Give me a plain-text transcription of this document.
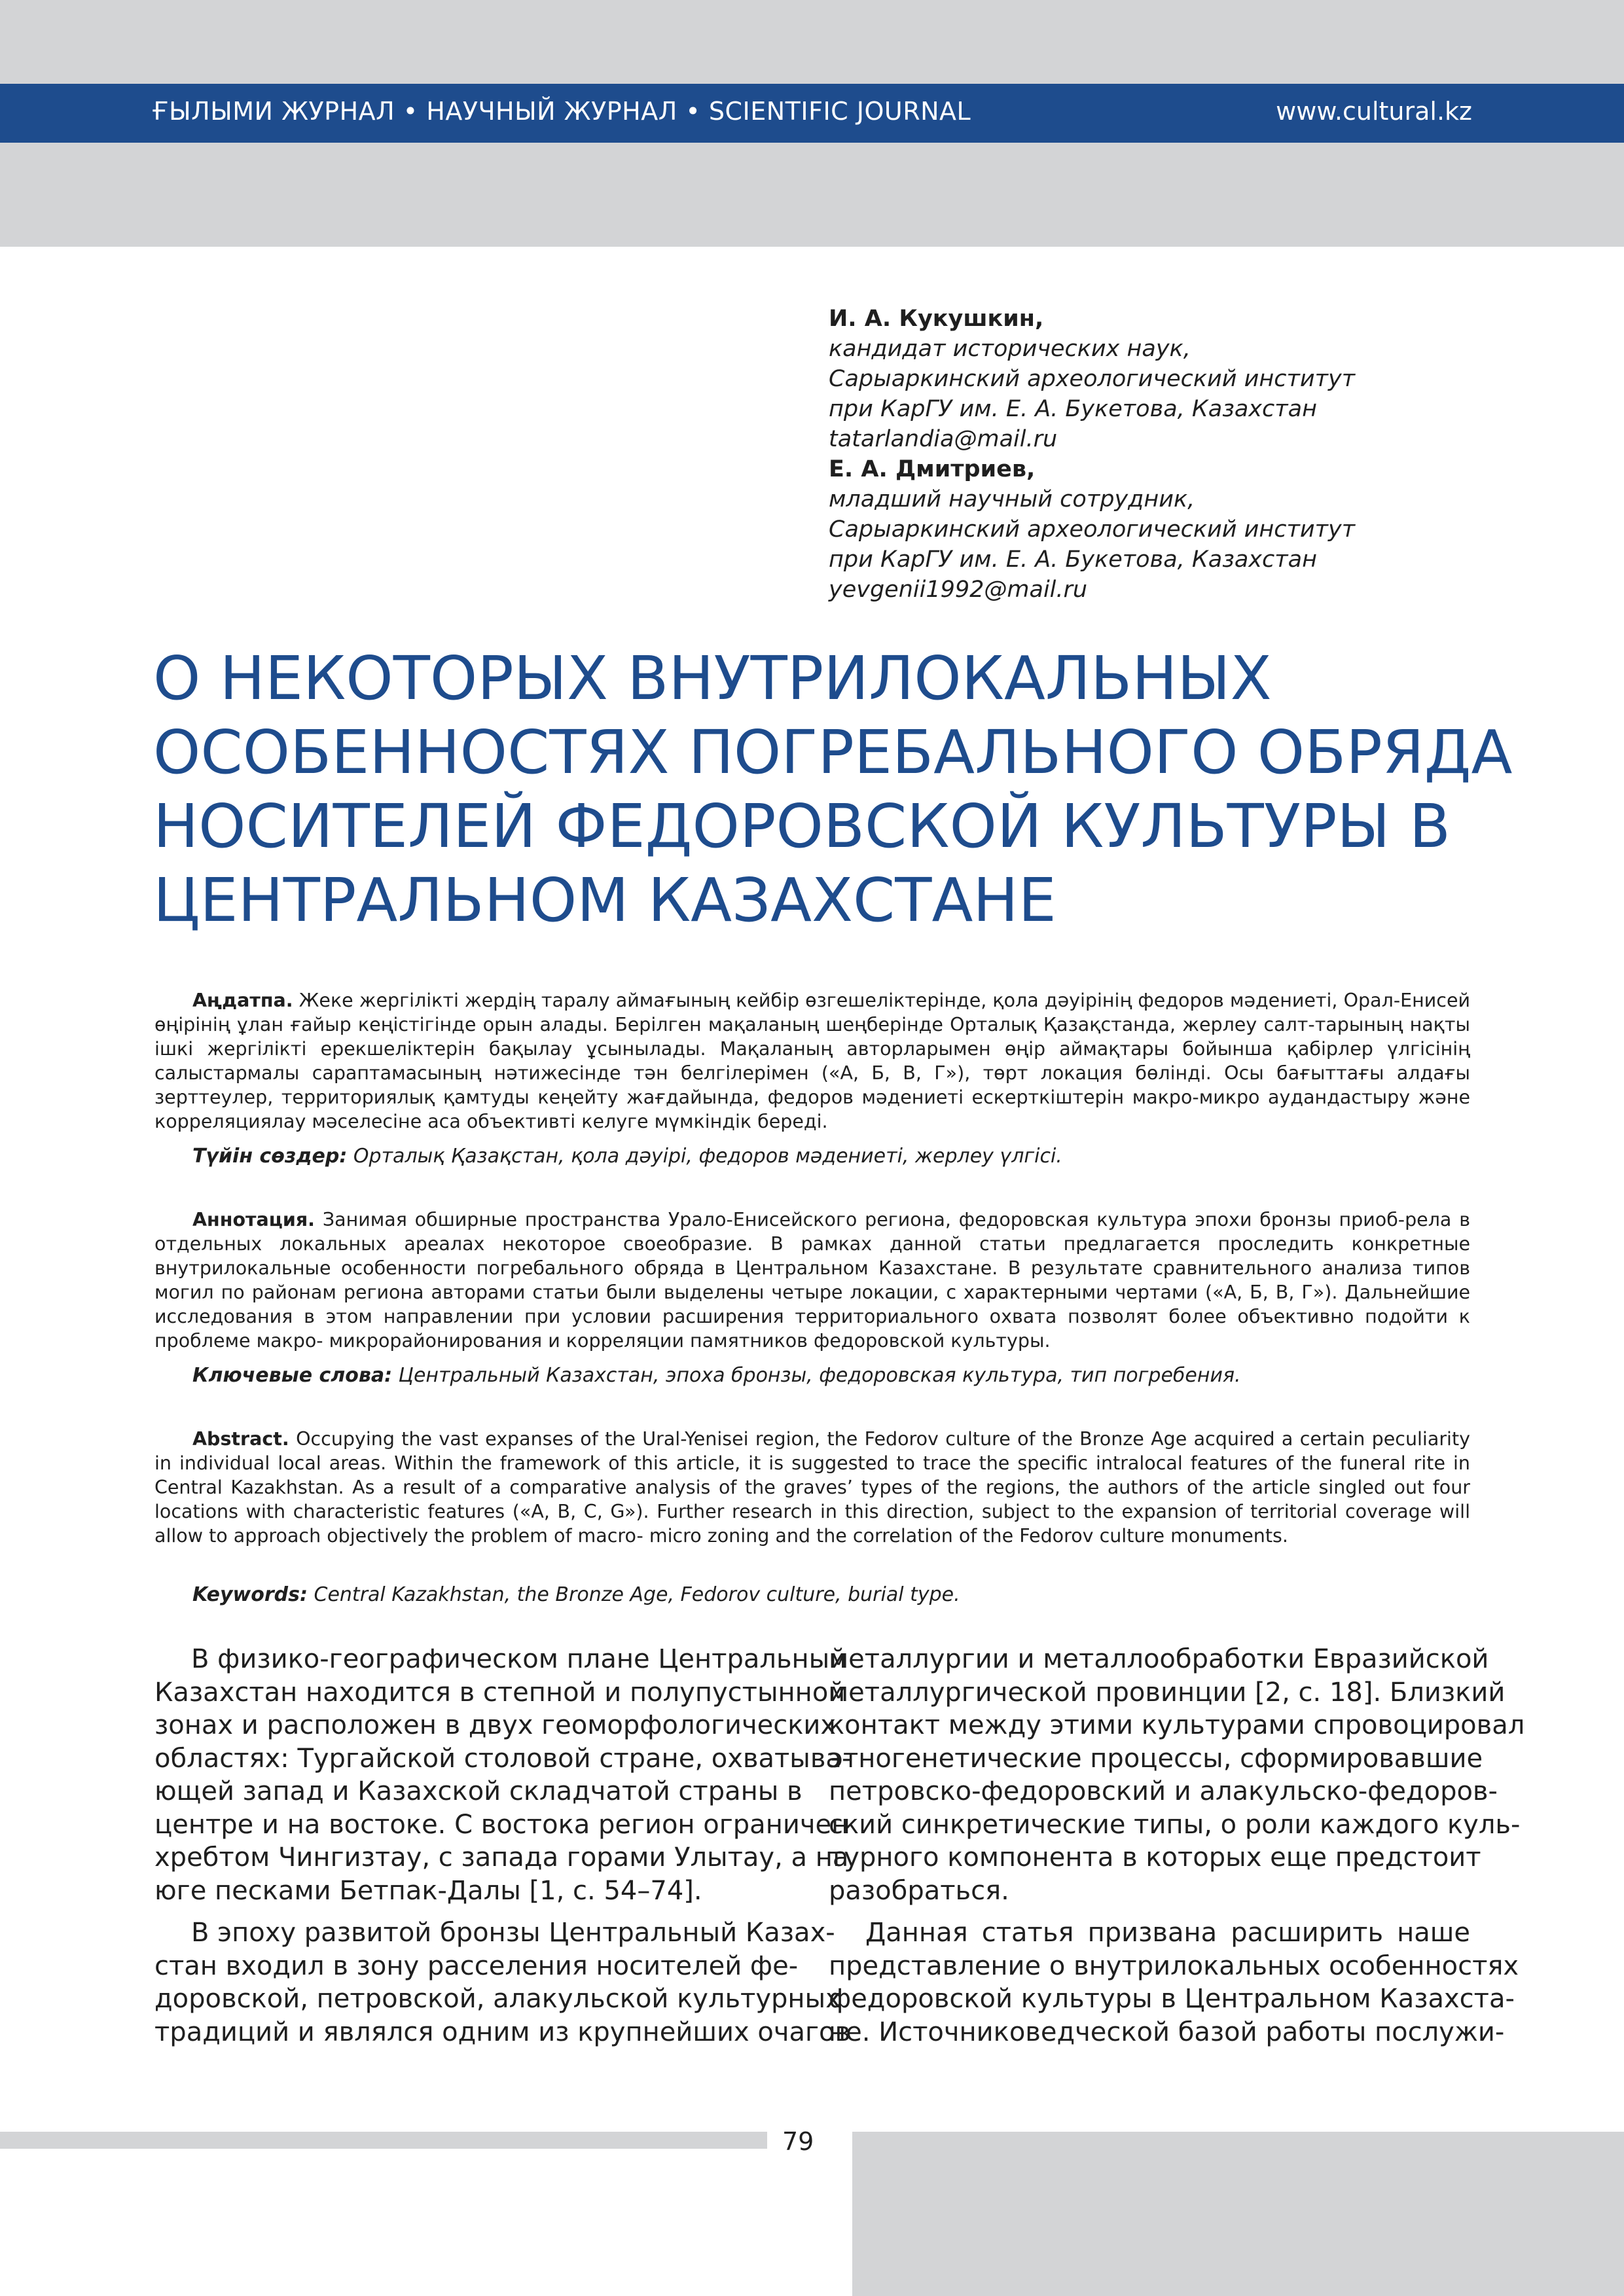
ҒЫЛЫМИ ЖУРНАЛ • НАУЧНЫЙ ЖУРНАЛ • SCIENTIFIC JOURNAL	www.cultural.kz
И. А. Кукушкин,
кандидат исторических наук,
Сарыаркинский археологический институт
при КарГУ им. Е. А. Букетова, Казахстан
tatarlandia@mail.ru
Е. А. Дмитриев,
младший научный сотрудник,
Сарыаркинский археологический институт
при КарГУ им. Е. А. Букетова, Казахстан
yevgenii1992@mail.ru
О НЕКОТОРЫХ ВНУТРИЛОКАЛЬНЫХ
ОСОБЕННОСТЯХ ПОГРЕБАЛЬНОГО ОБРЯДА
НОСИТЕЛЕЙ ФЕДОРОВСКОЙ КУЛЬТУРЫ В
ЦЕНТРАЛЬНОМ КАЗАХСТАНЕ
Аңдатпа. Жеке жергілікті жердің таралу аймағының кейбір өзгешеліктерінде, қола дәуірінің федоров мәдениеті, Орал-Енисей өңірінің ұлан ғайыр кеңістігінде орын алады. Берілген мақаланың шеңберінде Орталық Қазақстанда, жерлеу салт-тарының нақты ішкі жергілікті ерекшеліктерін бақылау ұсынылады. Мақаланың авторларымен өңір аймақтары бойынша қабірлер үлгісінің салыстармалы сараптамасының нәтижесінде тән белгілерімен («А, Б, В, Г»), төрт локация бөлінді. Осы бағыттағы алдағы зерттеулер, территориялық қамтуды кеңейту жағдайында, федоров мәдениеті ескерткіштерін макро-микро аудандастыру және корреляциялау мәселесіне аса объективті келуге мүмкіндік береді.
Түйін сөздер: Орталық Қазақстан, қола дәуірі, федоров мәдениеті, жерлеу үлгісі.
Аннотация. Занимая обширные пространства Урало-Енисейского региона, федоровская культура эпохи бронзы приоб-рела в отдельных локальных ареалах некоторое своеобразие. В рамках данной статьи предлагается проследить конкретные внутрилокальные особенности погребального обряда в Центральном Казахстане. В результате сравнительного анализа типов могил по районам региона авторами статьи были выделены четыре локации, с характерными чертами («А, Б, В, Г»). Дальнейшие исследования в этом направлении при условии расширения территориального охвата позволят более объективно подойти к проблеме макро- микрорайонирования и корреляции памятников федоровской культуры.
Ключевые слова: Центральный Казахстан, эпоха бронзы, федоровская культура, тип погребения.
Abstract. Occupying the vast expanses of the Ural-Yenisei region, the Fedorov culture of the Bronze Age acquired a certain peculiarity in individual local areas. Within the framework of this article, it is suggested to trace the specific intralocal features of the funeral rite in Central Kazakhstan. As a result of a comparative analysis of the graves’ types of the regions, the authors of the article singled out four locations with characteristic features («A, B, C, G»). Further research in this direction, subject to the expansion of territorial coverage will allow to approach objectively the problem of macro- micro zoning and the correlation of the Fedorov culture monuments.
Keywords: Central Kazakhstan, the Bronze Age, Fedorov culture, burial type.
В физико-географическом плане Центральный
Казахстан находится в степной и полупустынной
зонах и расположен в двух геоморфологических
областях: Тургайской столовой стране, охватыва-
ющей запад и Казахской складчатой страны в
центре и на востоке. С востока регион ограничен
хребтом Чингизтау, с запада горами Улытау, а на
юге песками Бетпак-Далы [1, с. 54–74].
В эпоху развитой бронзы Центральный Казах-
стан входил в зону расселения носителей фе-
доровской, петровской, алакульской культурных
традиций и являлся одним из крупнейших очагов
металлургии и металлообработки Евразийской
металлургической провинции [2, с. 18]. Близкий
контакт между этими культурами спровоцировал
этногенетические процессы, сформировавшие
петровско-федоровский и алакульско-федоров-
ский синкретические типы, о роли каждого куль-
турного компонента в которых еще предстоит
разобраться.
Данная статья призвана расширить наше
представление о внутрилокальных особенностях
федоровской культуры в Центральном Казахста-
не. Источниковедческой базой работы послужи-
79
